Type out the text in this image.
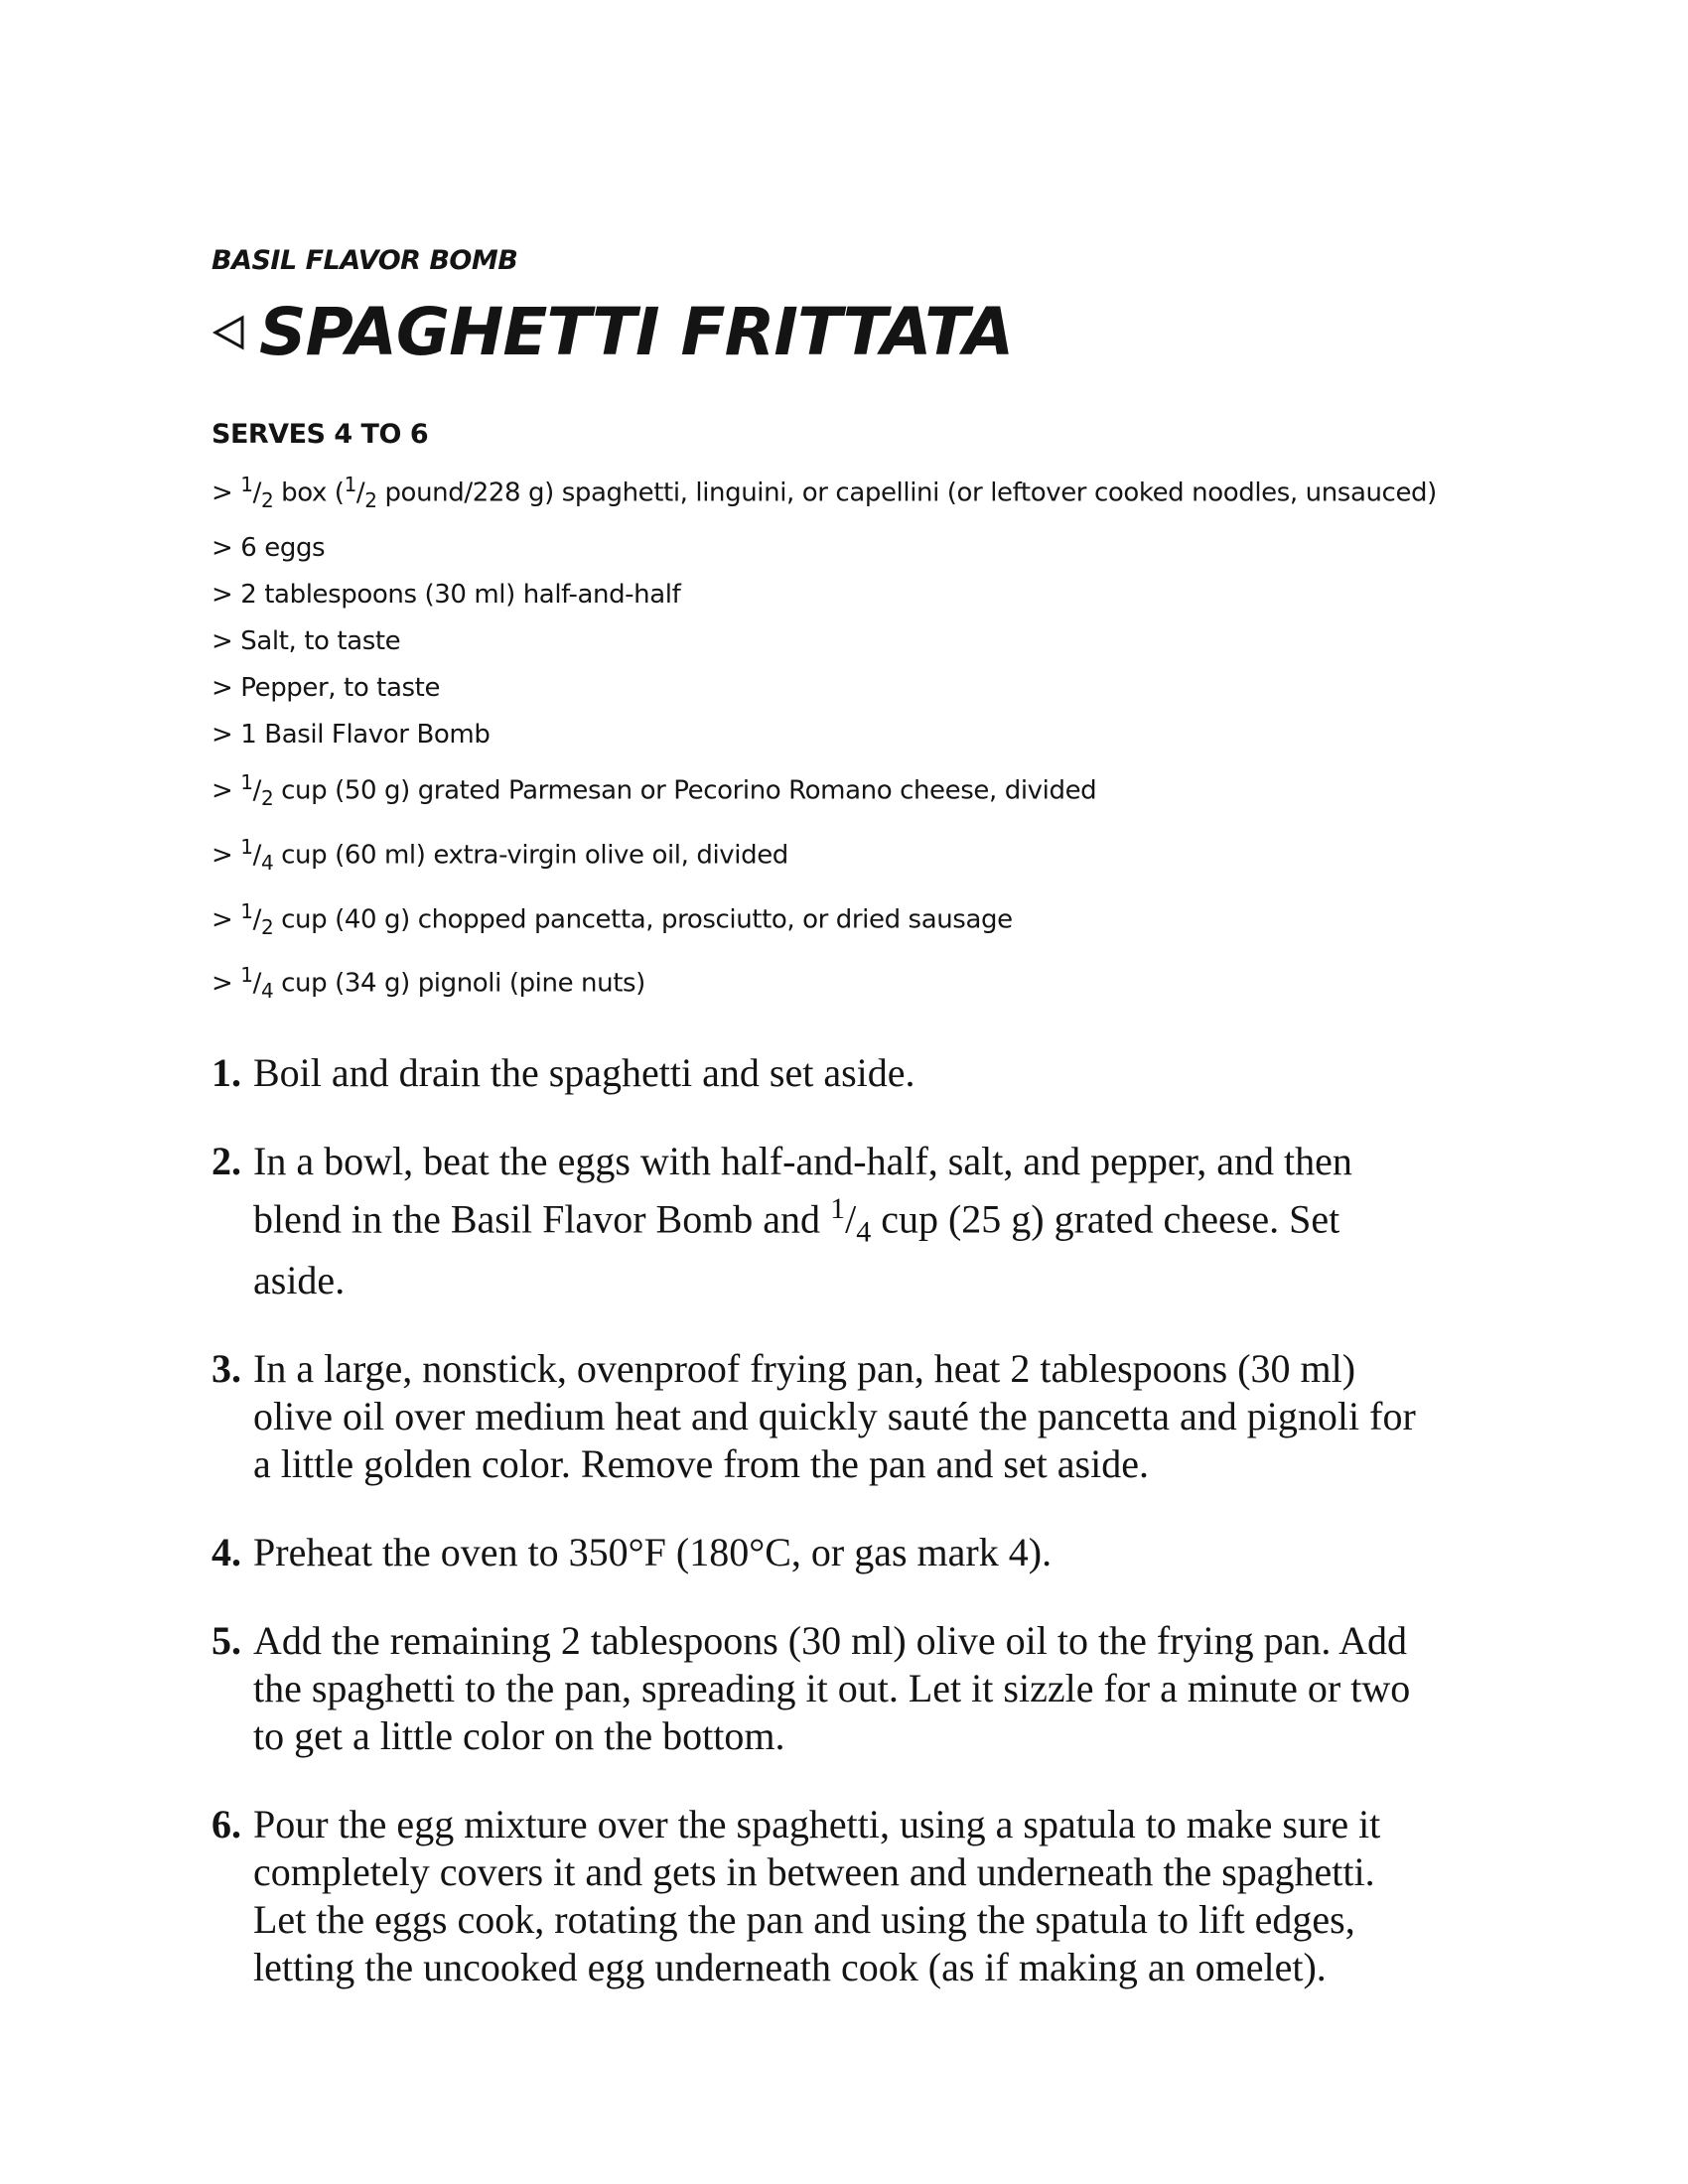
BASIL FLAVOR BOMB

SPAGHETTI FRITTATA

SERVES 4 TO 6

> $^1/_2$ box ($^1/_2$ pound/228 g) spaghetti, linguini, or capellini (or leftover cooked noodles, unsauced)
> 6 eggs
> 2 tablespoons (30 ml) half-and-half
> Salt, to taste
> Pepper, to taste
> 1 Basil Flavor Bomb
> $^1/_2$ cup (50 g) grated Parmesan or Pecorino Romano cheese, divided
> $^1/_4$ cup (60 ml) extra-virgin olive oil, divided
> $^1/_2$ cup (40 g) chopped pancetta, prosciutto, or dried sausage
> $^1/_4$ cup (34 g) pignoli (pine nuts)
1. Boil and drain the spaghetti and set aside.
2. In a bowl, beat the eggs with half-and-half, salt, and pepper, and then
blend in the Basil Flavor Bomb and $^1/_4$ cup (25 g) grated cheese. Set
aside.
3. In a large, nonstick, ovenproof frying pan, heat 2 tablespoons (30 ml)
olive oil over medium heat and quickly sauté the pancetta and pignoli for
a little golden color. Remove from the pan and set aside.
4. Preheat the oven to 350°F (180°C, or gas mark 4).
5. Add the remaining 2 tablespoons (30 ml) olive oil to the frying pan. Add
the spaghetti to the pan, spreading it out. Let it sizzle for a minute or two
to get a little color on the bottom.
6. Pour the egg mixture over the spaghetti, using a spatula to make sure it
completely covers it and gets in between and underneath the spaghetti.
Let the eggs cook, rotating the pan and using the spatula to lift edges,
letting the uncooked egg underneath cook (as if making an omelet).
